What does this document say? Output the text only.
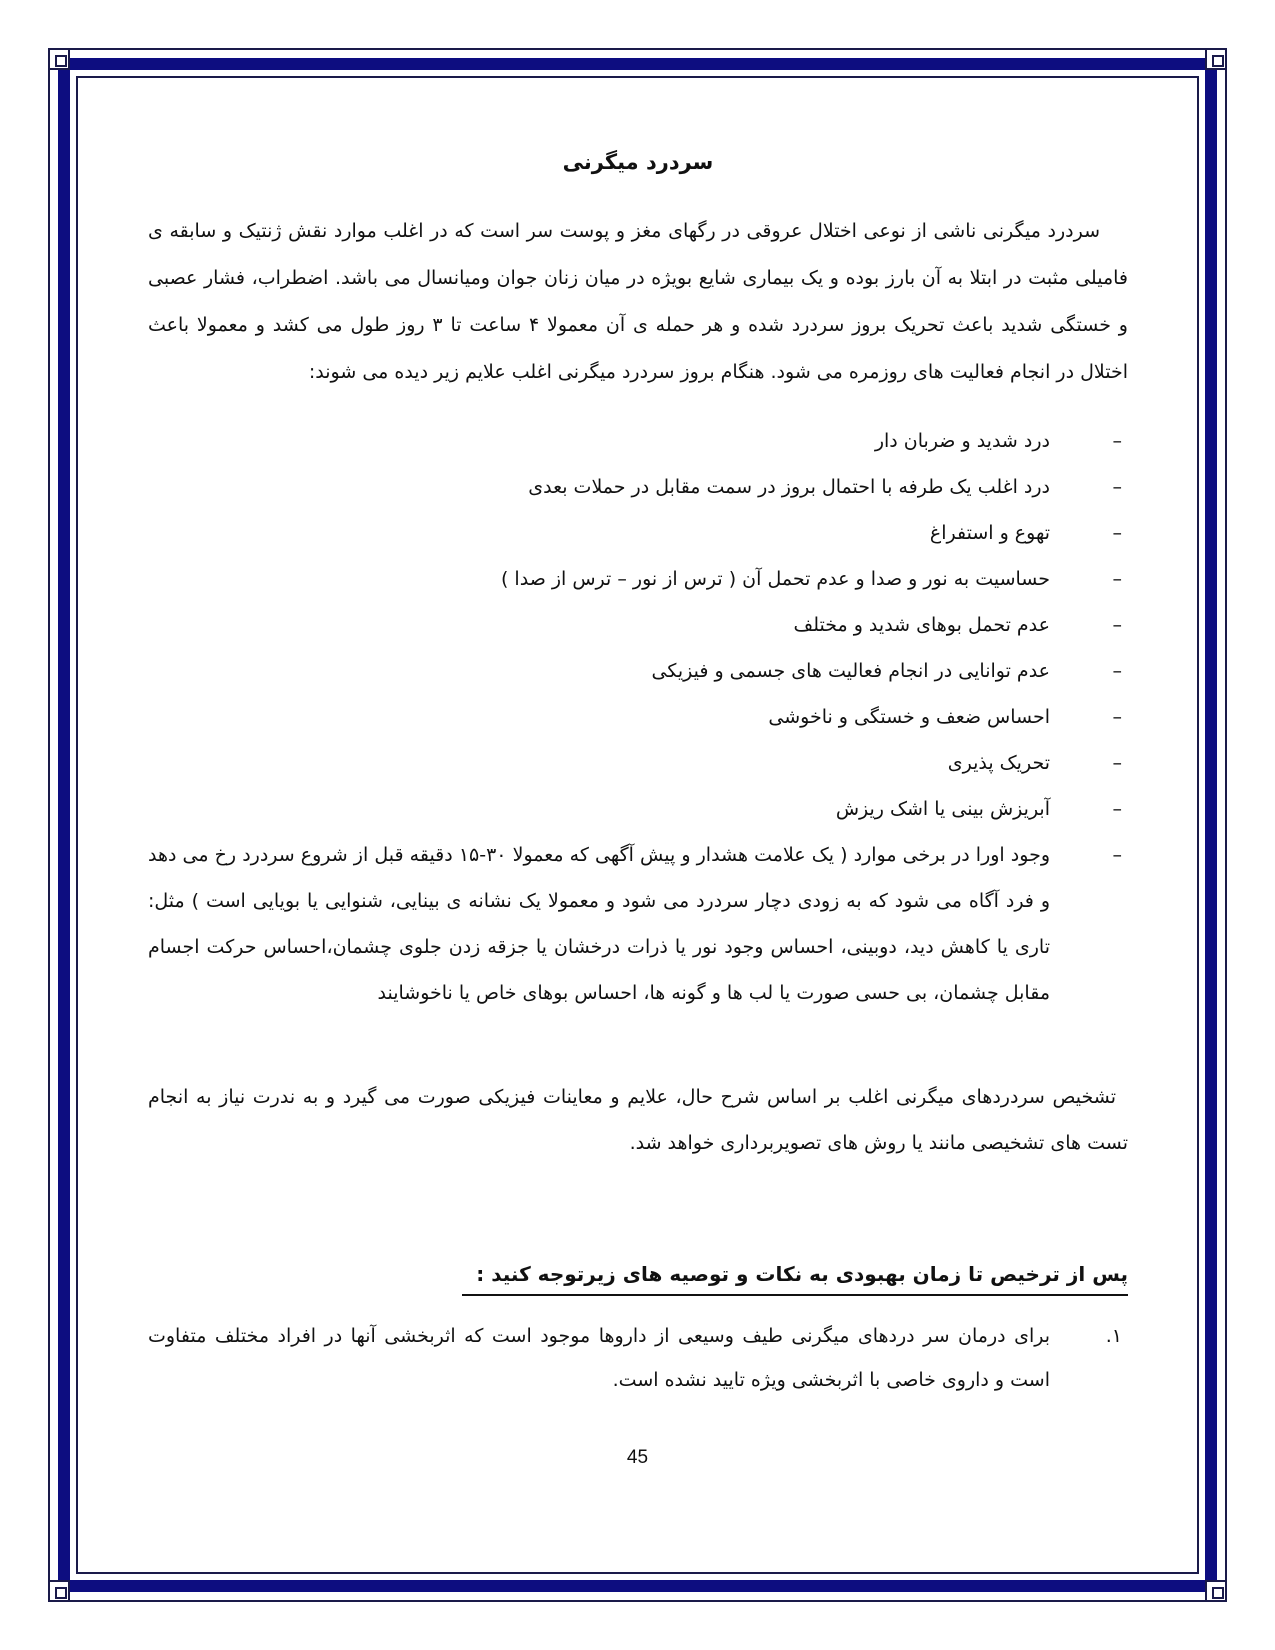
سردرد میگرنی

سردرد میگرنی ناشی از نوعی اختلال عروقی در رگهای مغز و پوست سر است که در اغلب موارد نقش ژنتیک و سابقه ی فامیلی مثبت در ابتلا به آن بارز بوده و یک بیماری شایع بویژه در میان زنان جوان ومیانسال می باشد. اضطراب، فشار عصبی و خستگی شدید باعث تحریک بروز سردرد شده و هر حمله ی آن معمولا ۴ ساعت تا ۳ روز طول می کشد و معمولا باعث اختلال در انجام فعالیت های روزمره می شود. هنگام بروز سردرد میگرنی اغلب علایم زیر دیده می شوند:

–
درد شدید و ضربان دار
–
درد اغلب یک طرفه با احتمال بروز در سمت مقابل در حملات بعدی
–
تهوع و استفراغ
–
حساسیت به نور و صدا و عدم تحمل آن ( ترس از نور – ترس از صدا )
–
عدم تحمل بوهای شدید و مختلف
–
عدم توانایی در انجام فعالیت های جسمی و فیزیکی
–
احساس ضعف و خستگی و ناخوشی
–
تحریک پذیری
–
آبریزش بینی یا اشک ریزش
–
وجود اورا در برخی موارد ( یک علامت هشدار و پیش آگهی که معمولا ۳۰-۱۵ دقیقه قبل از شروع سردرد رخ می دهد و فرد آگاه می شود که به زودی دچار سردرد می شود و معمولا یک نشانه ی بینایی، شنوایی یا بویایی است ) مثل: تاری یا کاهش دید، دوبینی، احساس وجود نور یا ذرات درخشان یا جزقه زدن جلوی چشمان،احساس حرکت اجسام مقابل چشمان، بی حسی صورت یا لب ها و گونه ها، احساس بوهای خاص یا ناخوشایند

تشخیص سردردهای میگرنی اغلب بر اساس شرح حال، علایم و معاینات فیزیکی صورت می گیرد و به ندرت نیاز به انجام تست های تشخیصی مانند یا روش های تصویربرداری خواهد شد.

پس از ترخیص تا زمان بهبودی به نکات و توصیه های زیرتوجه کنید :
۱.
برای درمان سر دردهای میگرنی طیف وسیعی از داروها موجود است که اثربخشی آنها در افراد مختلف متفاوت است و داروی خاصی با اثربخشی ویژه تایید نشده است.
45
